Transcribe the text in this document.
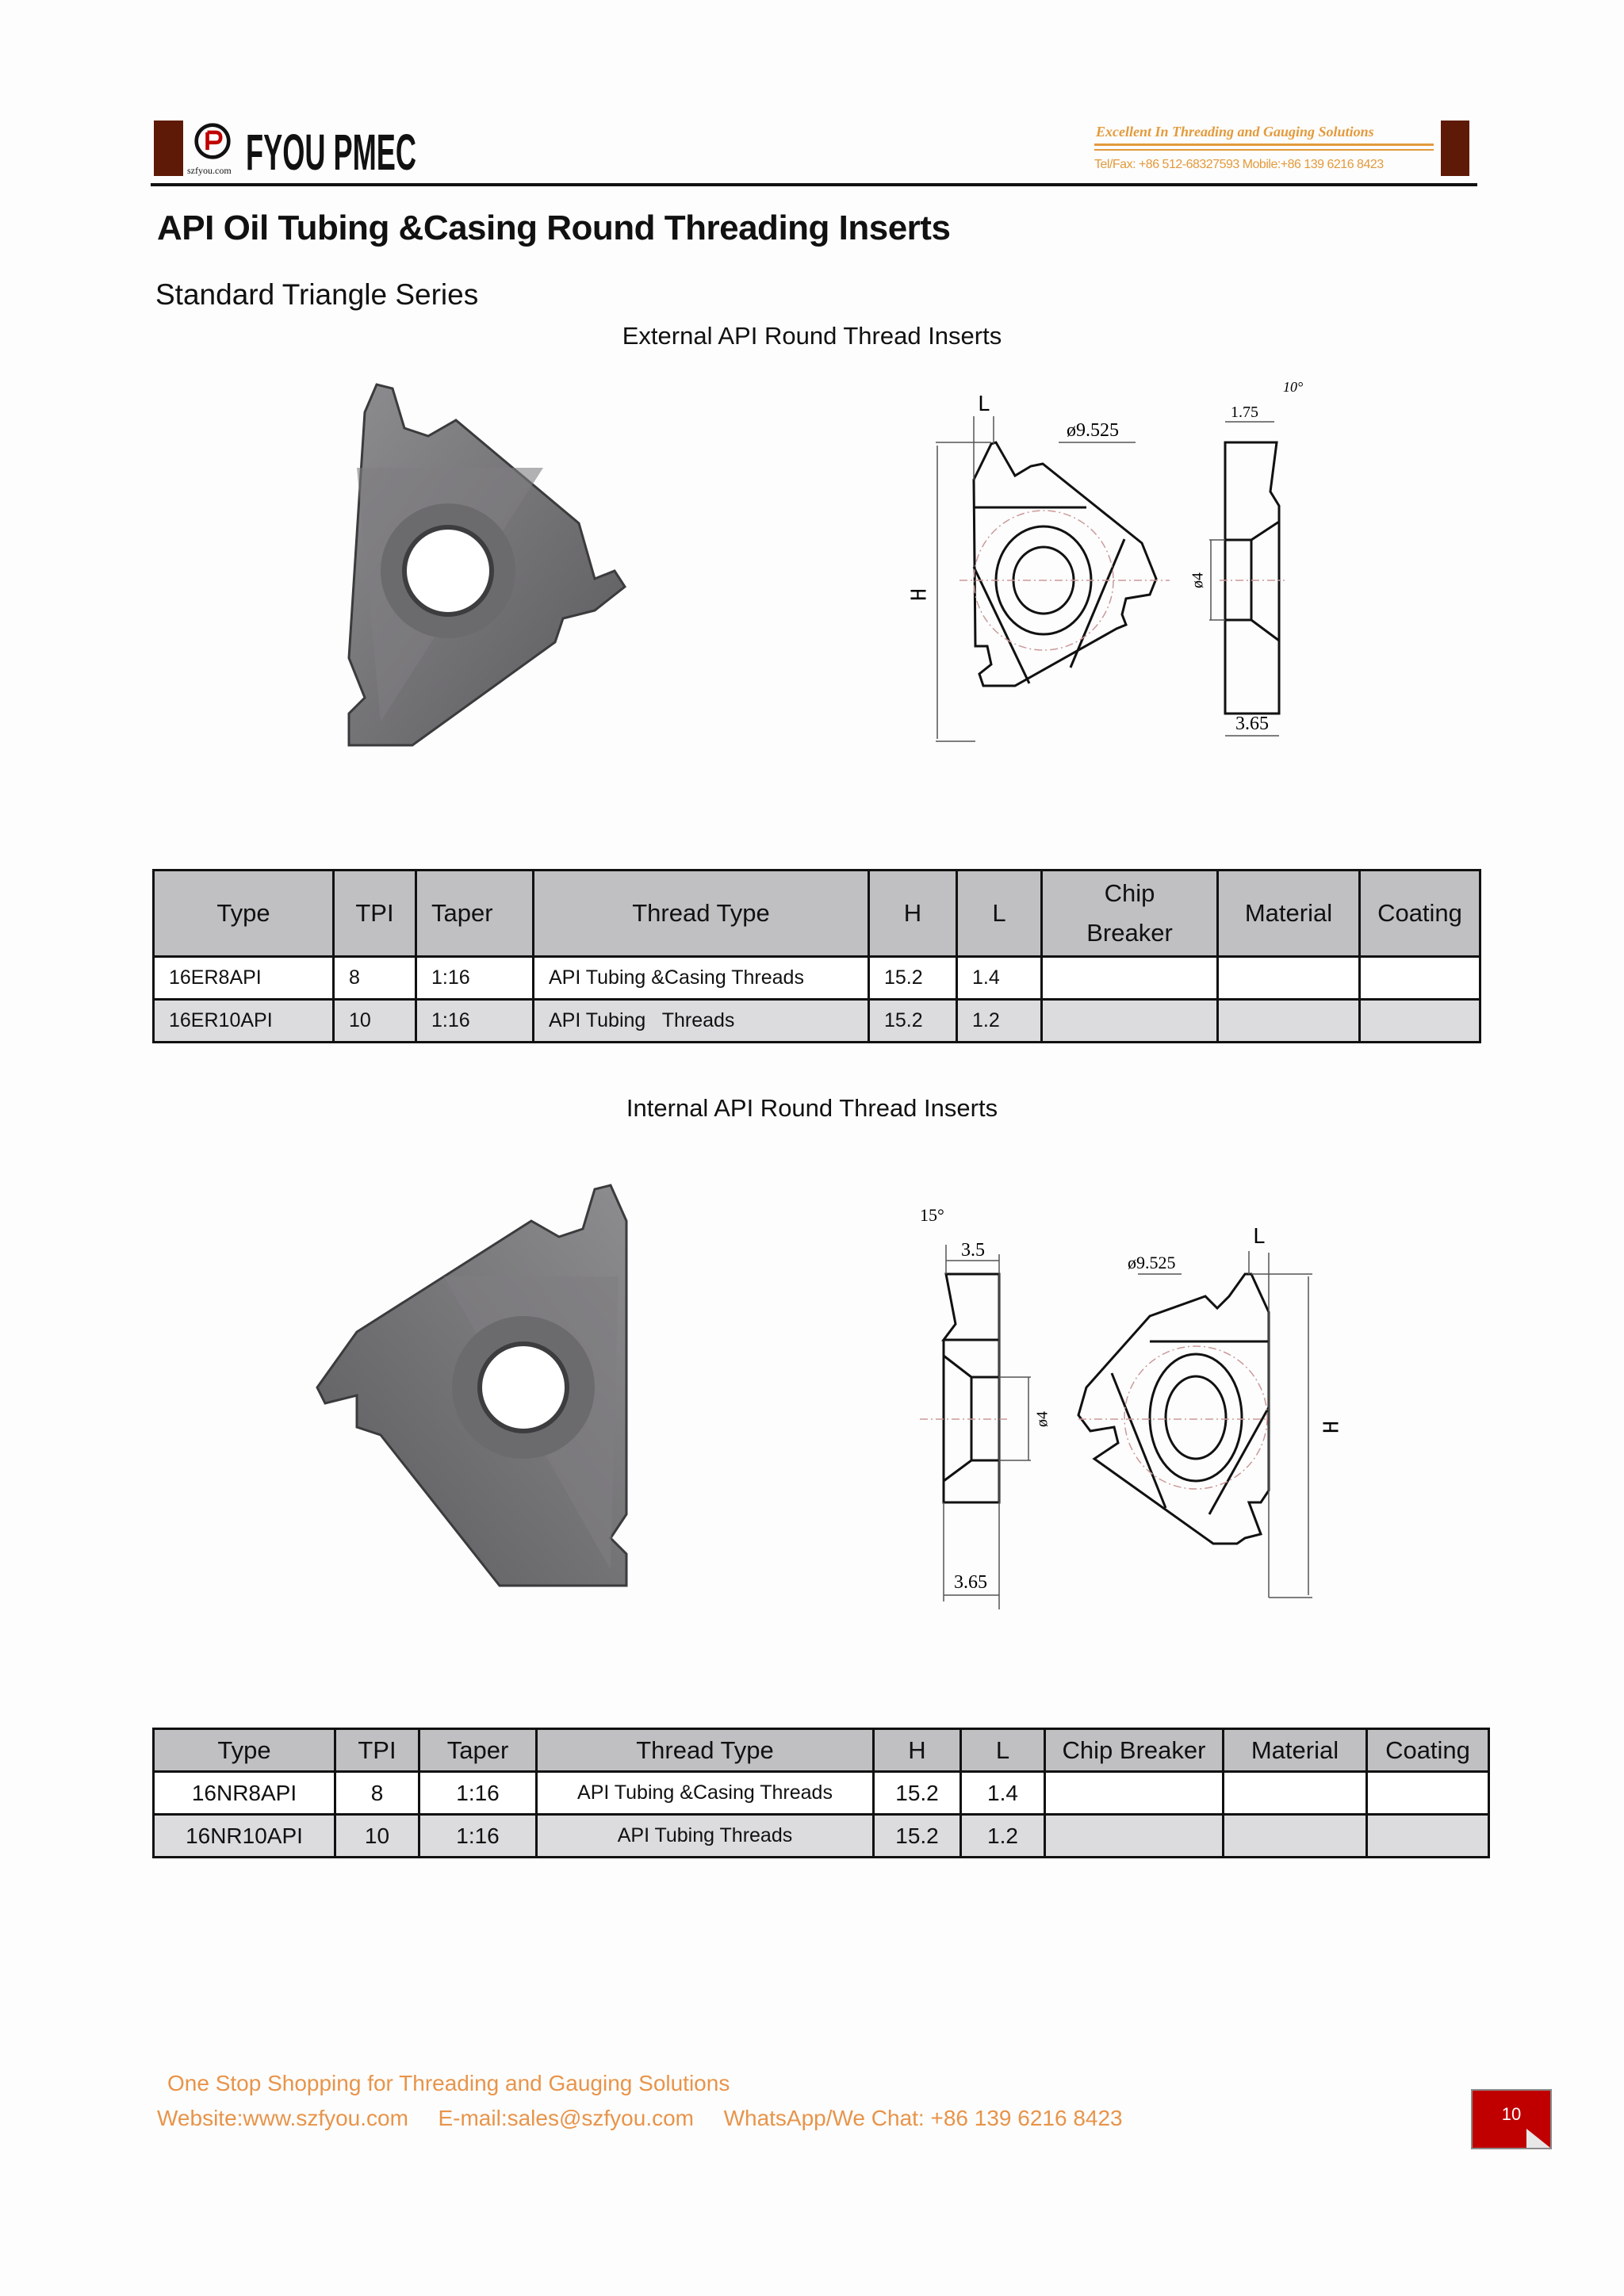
szfyou.com FYOU PMEC	Excellent In Threading and Gauging Solutions
Tel/Fax: +86 512-68327593 Mobile:+86 139 6216 8423
API Oil Tubing &Casing Round Threading Inserts
Standard Triangle Series
External API Round Thread Inserts
L
ø9.525
H
ø4
1.75
10°
3.65
Type	TPI	Taper	Thread Type	H	L	Chip Breaker	Material	Coating
16ER8API	8	1:16	API Tubing &Casing Threads	15.2	1.4			
16ER10API	10	1:16	API Tubing   Threads	15.2	1.2			
Internal API Round Thread Inserts
15°
3.5
ø4
3.65
ø9.525
L
H
Type	TPI	Taper	Thread Type	H	L	Chip Breaker	Material	Coating
16NR8API	8	1:16	API Tubing &Casing Threads	15.2	1.4			
16NR10API	10	1:16	API Tubing Threads	15.2	1.2			
One Stop Shopping for Threading and Gauging Solutions
Website:www.szfyou.com E-mail:sales@szfyou.com WhatsApp/We Chat: +86 139 6216 8423	10
